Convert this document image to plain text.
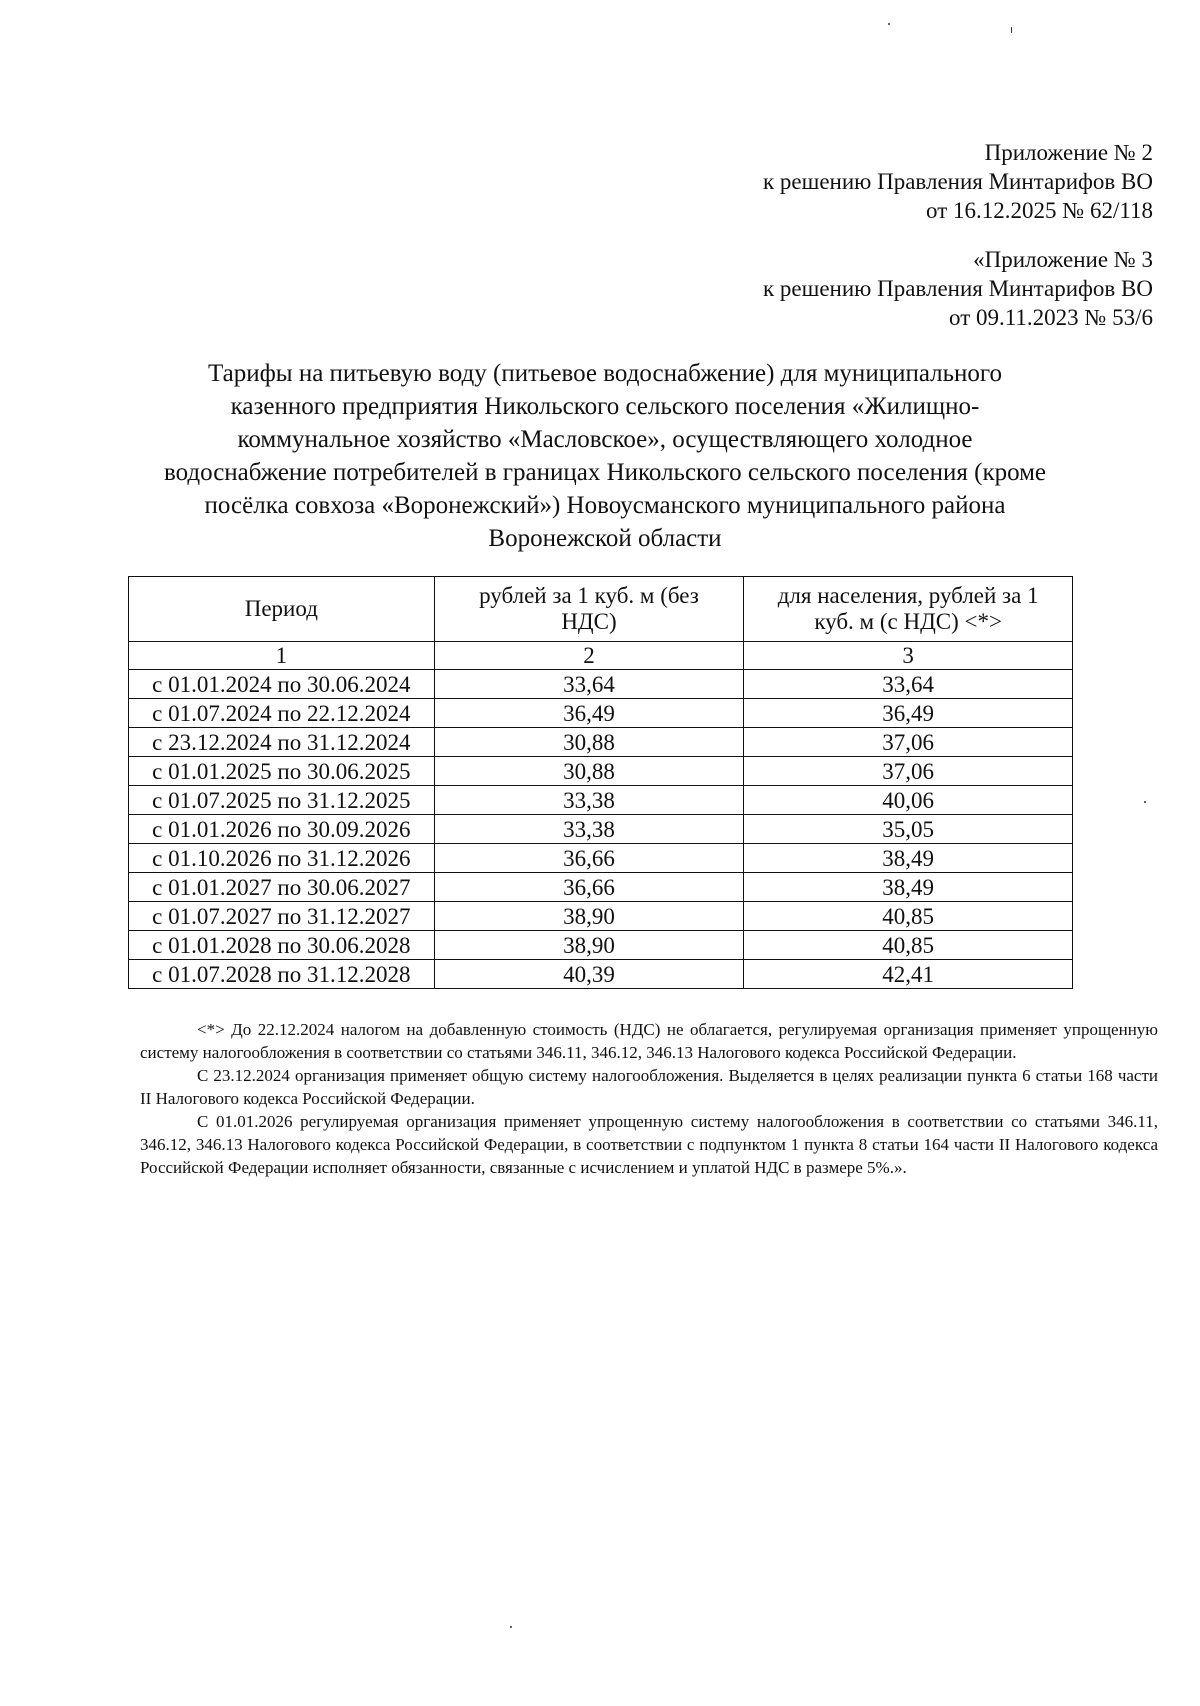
Приложение № 2
к решению Правления Минтарифов ВО
от 16.12.2025 № 62/118
«Приложение № 3
к решению Правления Минтарифов ВО
от 09.11.2023 № 53/6
Тарифы на питьевую воду (питьевое водоснабжение) для муниципального
казенного предприятия Никольского сельского поселения «Жилищно-
коммунальное хозяйство «Масловское», осуществляющего холодное
водоснабжение потребителей в границах Никольского сельского поселения (кроме
посёлка совхоза «Воронежский») Новоусманского муниципального района
Воронежской области
Период	рублей за 1 куб. м (без НДС)	для населения, рублей за 1 куб. м (с НДС) <*>
1	2	3
с 01.01.2024 по 30.06.2024	33,64	33,64
с 01.07.2024 по 22.12.2024	36,49	36,49
с 23.12.2024 по 31.12.2024	30,88	37,06
с 01.01.2025 по 30.06.2025	30,88	37,06
с 01.07.2025 по 31.12.2025	33,38	40,06
с 01.01.2026 по 30.09.2026	33,38	35,05
с 01.10.2026 по 31.12.2026	36,66	38,49
с 01.01.2027 по 30.06.2027	36,66	38,49
с 01.07.2027 по 31.12.2027	38,90	40,85
с 01.01.2028 по 30.06.2028	38,90	40,85
с 01.07.2028 по 31.12.2028	40,39	42,41

<*> До 22.12.2024 налогом на добавленную стоимость (НДС) не облагается, регулируемая организация применяет упрощенную систему налогообложения в соответствии со статьями 346.11, 346.12, 346.13 Налогового кодекса Российской Федерации.

С 23.12.2024 организация применяет общую систему налогообложения. Выделяется в целях реализации пункта 6 статьи 168 части II Налогового кодекса Российской Федерации.

С 01.01.2026 регулируемая организация применяет упрощенную систему налогообложения в соответствии со статьями 346.11, 346.12, 346.13 Налогового кодекса Российской Федерации, в соответствии с подпунктом 1 пункта 8 статьи 164 части II Налогового кодекса Российской Федерации исполняет обязанности, связанные с исчислением и уплатой НДС в размере 5%.».
